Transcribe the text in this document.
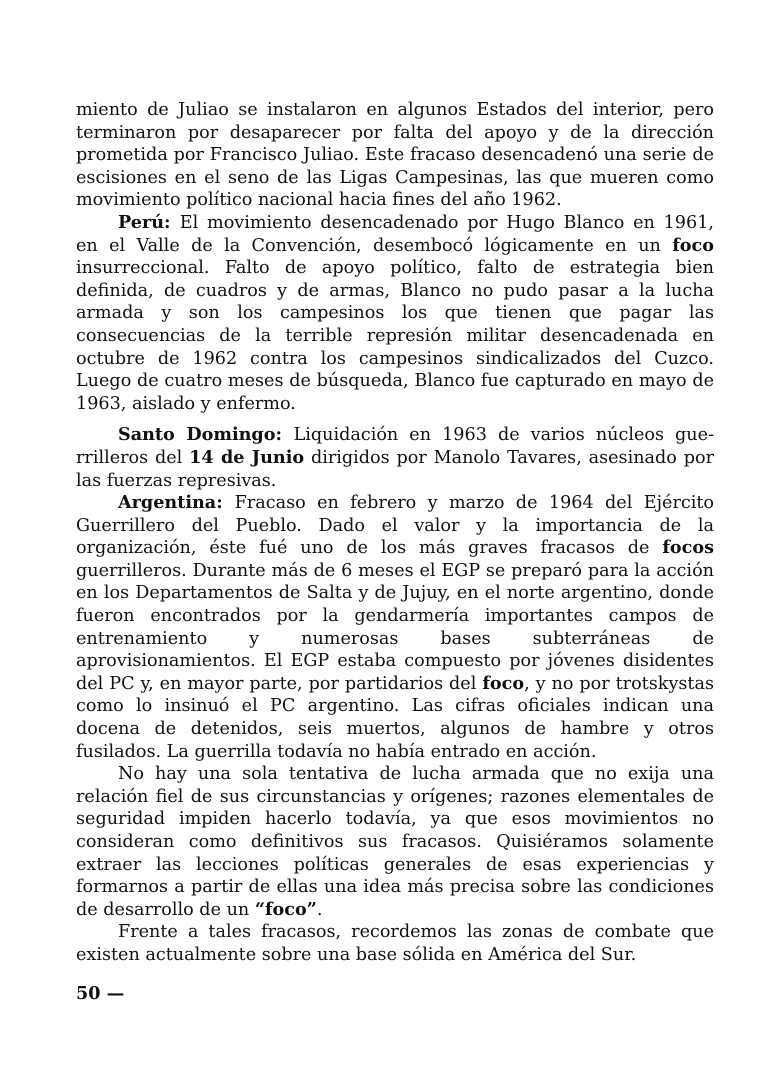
miento de Juliao se instalaron en algunos Estados del interior, pero terminaron por desaparecer por falta del apoyo y de la dirección prometida por Francisco Juliao. Este fracaso desencadenó una serie de escisiones en el seno de las Ligas Campesinas, las que mueren como movimiento político nacional hacia fines del año 1962.

Perú: El movimiento desencadenado por Hugo Blanco en 1961, en el Valle de la Convención, desembocó lógicamente en un foco insurreccional. Falto de apoyo político, falto de estrategia bien definida, de cuadros y de armas, Blanco no pudo pasar a la lucha armada y son los campesinos los que tienen que pagar las consecuencias de la terrible represión militar desencadenada en octubre de 1962 contra los campesinos sindicalizados del Cuzco. Luego de cuatro meses de búsqueda, Blanco fue capturado en mayo de 1963, aislado y enfermo.

Santo Domingo: Liquidación en 1963 de varios núcleos guerrilleros del 14 de Junio dirigidos por Manolo Tavares, asesinado por las fuerzas represivas.

Argentina: Fracaso en febrero y marzo de 1964 del Ejército Guerrillero del Pueblo. Dado el valor y la importancia de la organización, éste fué uno de los más graves fracasos de focos guerrilleros. Durante más de 6 meses el EGP se preparó para la acción en los Departamentos de Salta y de Jujuy, en el norte argentino, donde fueron encontrados por la gendarmería importantes campos de entrenamiento y numerosas bases subterráneas de aprovisionamientos. El EGP estaba compuesto por jóvenes disidentes del PC y, en mayor parte, por partidarios del foco, y no por trotskystas como lo insinuó el PC argentino. Las cifras oficiales indican una docena de detenidos, seis muertos, algunos de hambre y otros fusilados. La guerrilla todavía no había entrado en acción.

No hay una sola tentativa de lucha armada que no exija una relación fiel de sus circunstancias y orígenes; razones elementales de seguridad impiden hacerlo todavía, ya que esos movimientos no consideran como definitivos sus fracasos. Quisiéramos solamente extraer las lecciones políticas generales de esas experiencias y formarnos a partir de ellas una idea más precisa sobre las condiciones de desarrollo de un “foco”.

Frente a tales fracasos, recordemos las zonas de combate que existen actualmente sobre una base sólida en América del Sur.

50 —
